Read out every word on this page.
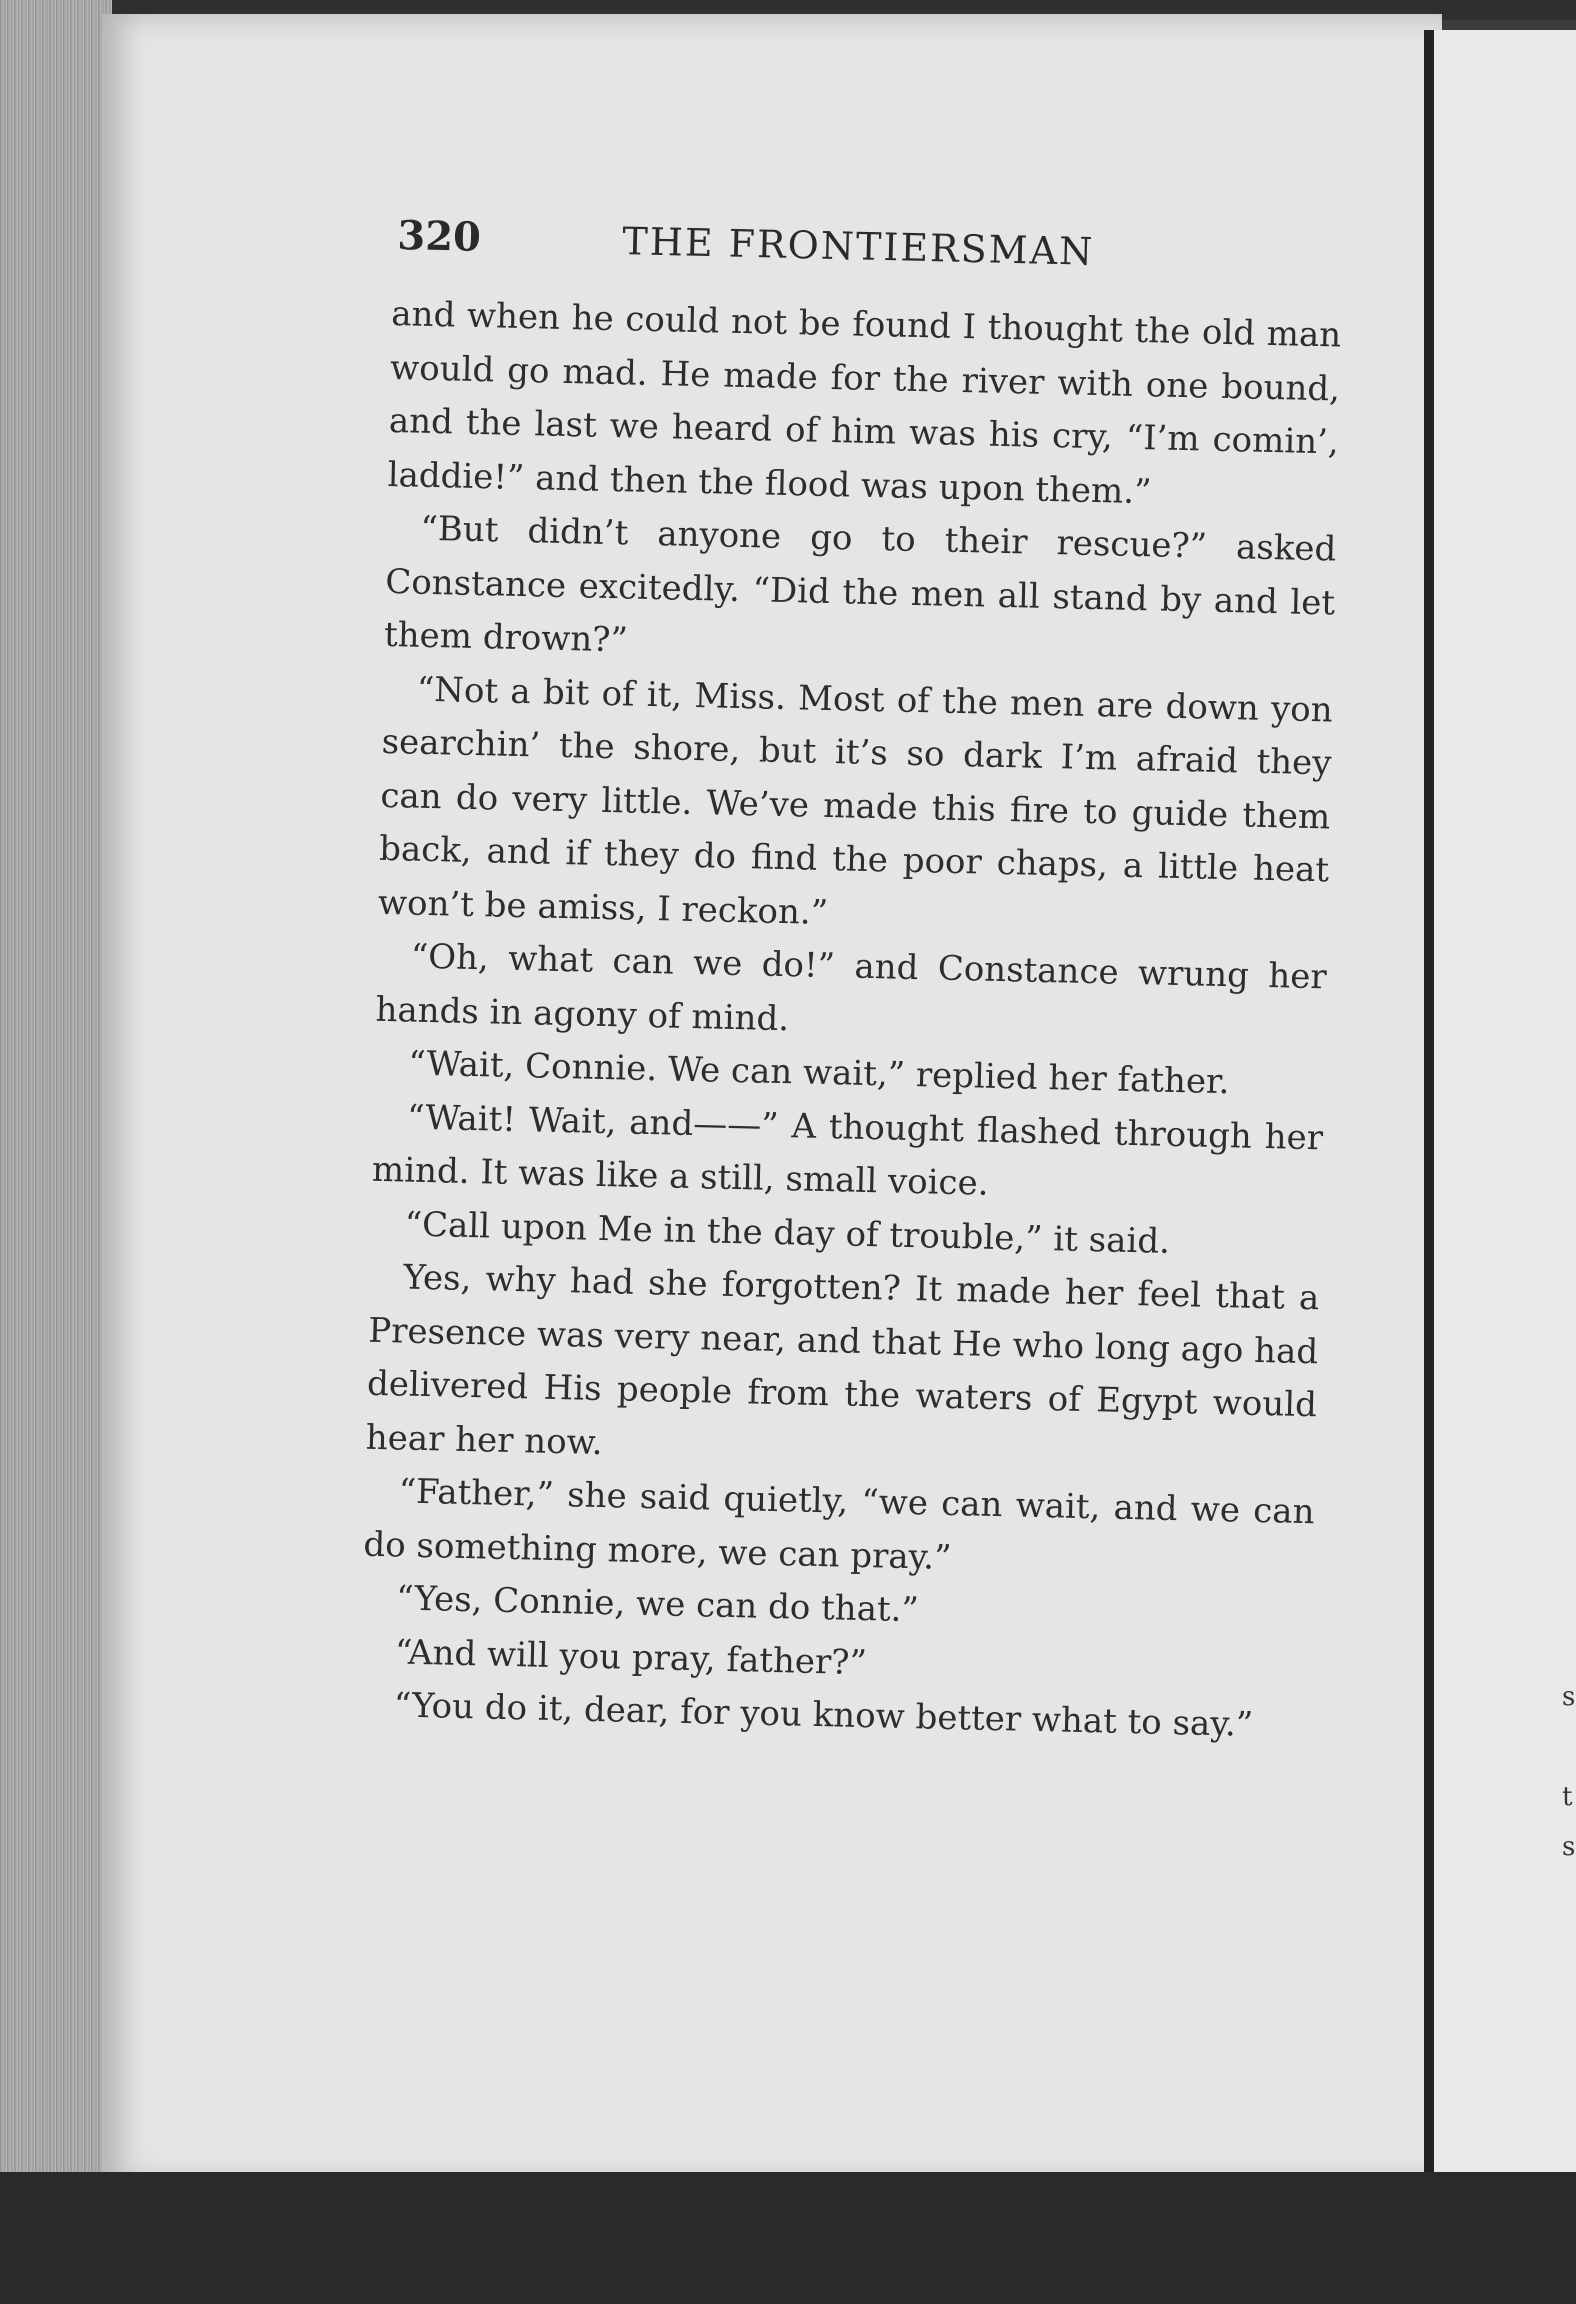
320	THE FRONTIERSMAN

and when he could not be found I thought the old man would go mad. He made for the river with one bound, and the last we heard of him was his cry, “I’m comin’, laddie!” and then the flood was upon them.”

“But didn’t anyone go to their rescue?” asked Constance excitedly. “Did the men all stand by and let them drown?”

“Not a bit of it, Miss. Most of the men are down yon searchin’ the shore, but it’s so dark I’m afraid they can do very little. We’ve made this fire to guide them back, and if they do find the poor chaps, a little heat won’t be amiss, I reckon.”

“Oh, what can we do!” and Constance wrung her hands in agony of mind.

“Wait, Connie. We can wait,” replied her father.

“Wait! Wait, and——” A thought flashed through her mind. It was like a still, small voice.

“Call upon Me in the day of trouble,” it said.

Yes, why had she forgotten? It made her feel that a Presence was very near, and that He who long ago had delivered His people from the waters of Egypt would hear her now.

“Father,” she said quietly, “we can wait, and we can do something more, we can pray.”

“Yes, Connie, we can do that.”

“And will you pray, father?”

“You do it, dear, for you know better what to say.”	s
t
s
